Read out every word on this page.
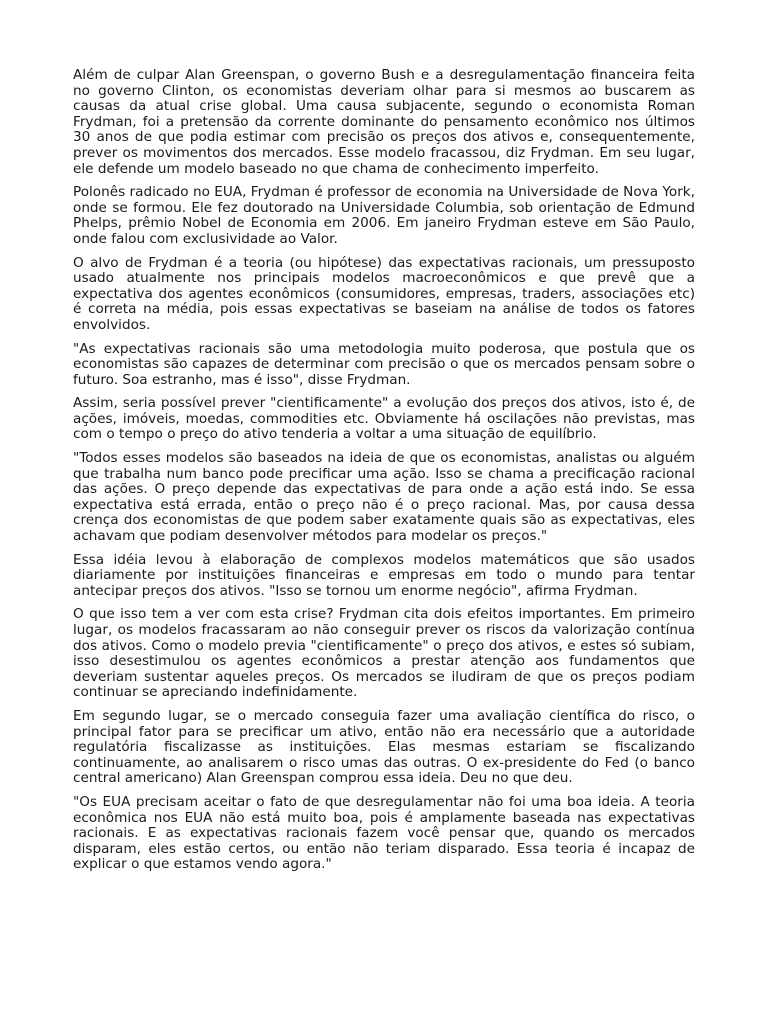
Além de culpar Alan Greenspan, o governo Bush e a desregulamentação financeira feita no governo Clinton, os economistas deveriam olhar para si mesmos ao buscarem as causas da atual crise global. Uma causa subjacente, segundo o economista Roman Frydman, foi a pretensão da corrente dominante do pensamento econômico nos últimos 30 anos de que podia estimar com precisão os preços dos ativos e, consequentemente, prever os movimentos dos mercados. Esse modelo fracassou, diz Frydman. Em seu lugar, ele defende um modelo baseado no que chama de conhecimento imperfeito.

Polonês radicado no EUA, Frydman é professor de economia na Universidade de Nova York, onde se formou. Ele fez doutorado na Universidade Columbia, sob orientação de Edmund Phelps, prêmio Nobel de Economia em 2006. Em janeiro Frydman esteve em São Paulo, onde falou com exclusividade ao Valor.

O alvo de Frydman é a teoria (ou hipótese) das expectativas racionais, um pressuposto usado atualmente nos principais modelos macroeconômicos e que prevê que a expectativa dos agentes econômicos (consumidores, empresas, traders, associações etc) é correta na média, pois essas expectativas se baseiam na análise de todos os fatores envolvidos.

"As expectativas racionais são uma metodologia muito poderosa, que postula que os economistas são capazes de determinar com precisão o que os mercados pensam sobre o futuro. Soa estranho, mas é isso", disse Frydman.

Assim, seria possível prever "cientificamente" a evolução dos preços dos ativos, isto é, de ações, imóveis, moedas, commodities etc. Obviamente há oscilações não previstas, mas com o tempo o preço do ativo tenderia a voltar a uma situação de equilíbrio.

"Todos esses modelos são baseados na ideia de que os economistas, analistas ou alguém que trabalha num banco pode precificar uma ação. Isso se chama a precificação racional das ações. O preço depende das expectativas de para onde a ação está indo. Se essa expectativa está errada, então o preço não é o preço racional. Mas, por causa dessa crença dos economistas de que podem saber exatamente quais são as expectativas, eles achavam que podiam desenvolver métodos para modelar os preços."

Essa idéia levou à elaboração de complexos modelos matemáticos que são usados diariamente por instituições financeiras e empresas em todo o mundo para tentar antecipar preços dos ativos. "Isso se tornou um enorme negócio", afirma Frydman.

O que isso tem a ver com esta crise? Frydman cita dois efeitos importantes. Em primeiro lugar, os modelos fracassaram ao não conseguir prever os riscos da valorização contínua dos ativos. Como o modelo previa "cientificamente" o preço dos ativos, e estes só subiam, isso desestimulou os agentes econômicos a prestar atenção aos fundamentos que deveriam sustentar aqueles preços. Os mercados se iludiram de que os preços podiam continuar se apreciando indefinidamente.

Em segundo lugar, se o mercado conseguia fazer uma avaliação científica do risco, o principal fator para se precificar um ativo, então não era necessário que a autoridade regulatória fiscalizasse as instituições. Elas mesmas estariam se fiscalizando continuamente, ao analisarem o risco umas das outras. O ex-presidente do Fed (o banco central americano) Alan Greenspan comprou essa ideia. Deu no que deu.

"Os EUA precisam aceitar o fato de que desregulamentar não foi uma boa ideia. A teoria econômica nos EUA não está muito boa, pois é amplamente baseada nas expectativas racionais. E as expectativas racionais fazem você pensar que, quando os mercados disparam, eles estão certos, ou então não teriam disparado. Essa teoria é incapaz de explicar o que estamos vendo agora."
